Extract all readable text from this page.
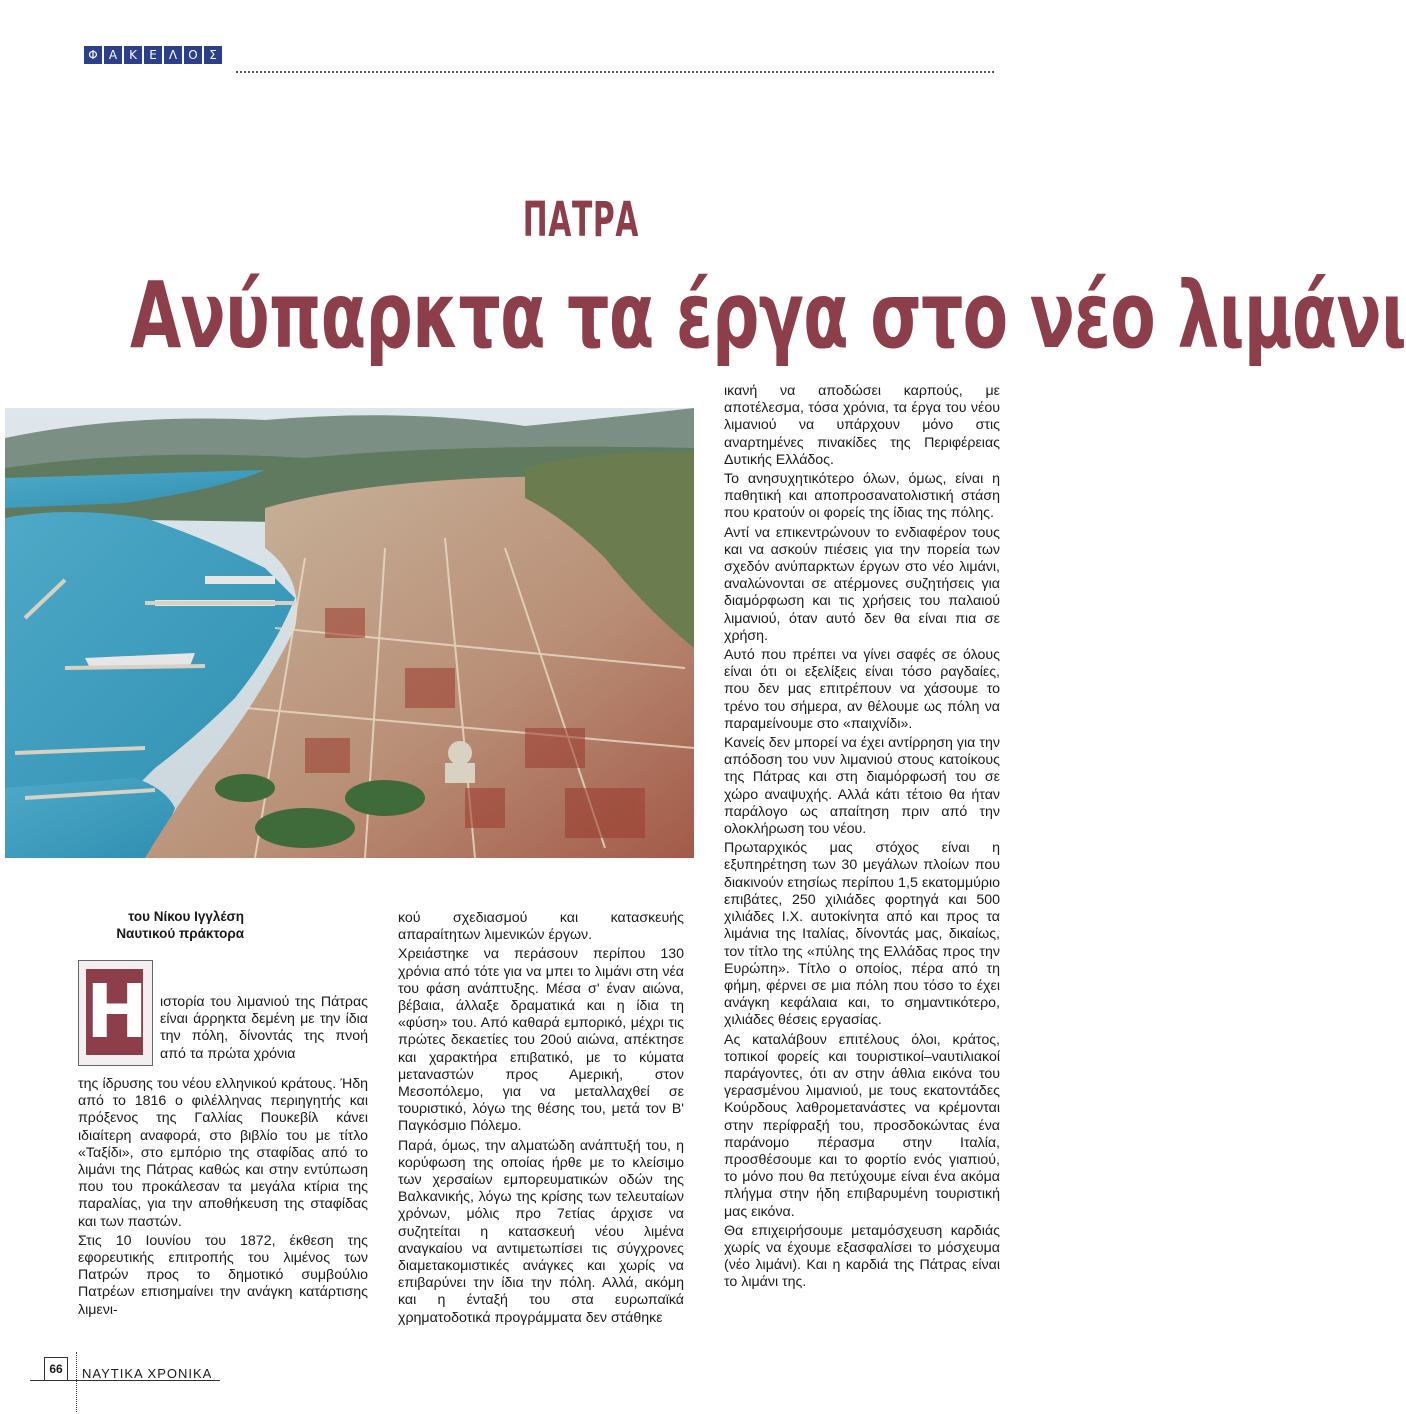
Φ Α Κ	Ε	Λ Ο Σ
ΠΑΤΡΑ
Ανύπαρκτα τα έργα στο νέο λιμάνι
του Νίκου Ιγγλέση
Ναυτικού πράκτορα
Η ιστορία του λιμανιού της Πάτρας είναι άρρηκτα δεμένη με την ίδια την πόλη, δίνοντάς της πνοή από τα πρώτα χρόνια

της ίδρυσης του νέου ελληνικού κράτους. Ήδη από το 1816 ο φιλέλληνας περιηγητής και πρόξενος της Γαλλίας Πουκεβίλ κάνει ιδιαίτερη αναφορά, στο βιβλίο του με τίτλο «Ταξίδι», στο εμπόριο της σταφίδας από το λιμάνι της Πάτρας καθώς και στην εντύπωση που του προκάλεσαν τα μεγάλα κτίρια της παραλίας, για την αποθήκευση της σταφίδας και των παστών.

Στις 10 Ιουνίου του 1872, έκθεση της εφορευτικής επιτροπής του λιμένος των Πατρών προς το δημοτικό συμβούλιο Πατρέων επισημαίνει την ανάγκη κατάρτισης λιμενι-

κού σχεδιασμού και κατασκευής απαραίτητων λιμενικών έργων.

Χρειάστηκε να περάσουν περίπου 130 χρόνια από τότε για να μπει το λιμάνι στη νέα του φάση ανάπτυξης. Μέσα σ' έναν αιώνα, βέβαια, άλλαξε δραματικά και η ίδια τη «φύση» του. Από καθαρά εμπορικό, μέχρι τις πρώτες δεκαετίες του 20ού αιώνα, απέκτησε και χαρακτήρα επιβατικό, με το κύματα μεταναστών προς Αμερική, στον Μεσοπόλεμο, για να μεταλλαχθεί σε τουριστικό, λόγω της θέσης του, μετά τον Β' Παγκόσμιο Πόλεμο.

Παρά, όμως, την αλματώδη ανάπτυξή του, η κορύφωση της οποίας ήρθε με το κλείσιμο των χερσαίων εμπορευματικών οδών της Βαλκανικής, λόγω της κρίσης των τελευταίων χρόνων, μόλις προ 7ετίας άρχισε να συζητείται η κατασκευή νέου λιμένα αναγκαίου να αντιμετωπίσει τις σύγχρονες διαμετακομιστικές ανάγκες και χωρίς να επιβαρύνει την ίδια την πόλη. Αλλά, ακόμη και η ένταξή του στα ευρωπαϊκά χρηματοδοτικά προγράμματα δεν στάθηκε

ικανή να αποδώσει καρπούς, με αποτέλεσμα, τόσα χρόνια, τα έργα του νέου λιμανιού να υπάρχουν μόνο στις αναρτημένες πινακίδες της Περιφέρειας Δυτικής Ελλάδος.

Το ανησυχητικότερο όλων, όμως, είναι η παθητική και αποπροσανατολιστική στάση που κρατούν οι φορείς της ίδιας της πόλης.

Αντί να επικεντρώνουν το ενδιαφέρον τους και να ασκούν πιέσεις για την πορεία των σχεδόν ανύπαρκτων έργων στο νέο λιμάνι, αναλώνονται σε ατέρμονες συζητήσεις για διαμόρφωση και τις χρήσεις του παλαιού λιμανιού, όταν αυτό δεν θα είναι πια σε χρήση.

Αυτό που πρέπει να γίνει σαφές σε όλους είναι ότι οι εξελίξεις είναι τόσο ραγδαίες, που δεν μας επιτρέπουν να χάσουμε το τρένο του σήμερα, αν θέλουμε ως πόλη να παραμείνουμε στο «παιχνίδι».

Κανείς δεν μπορεί να έχει αντίρρηση για την απόδοση του νυν λιμανιού στους κατοίκους της Πάτρας και στη διαμόρφωσή του σε χώρο αναψυχής. Αλλά κάτι τέτοιο θα ήταν παράλογο ως απαίτηση πριν από την ολοκλήρωση του νέου.

Πρωταρχικός μας στόχος είναι η εξυπηρέτηση των 30 μεγάλων πλοίων που διακινούν ετησίως περίπου 1,5 εκατομμύριο επιβάτες, 250 χιλιάδες φορτηγά και 500 χιλιάδες Ι.Χ. αυτοκίνητα από και προς τα λιμάνια της Ιταλίας, δίνοντάς μας, δικαίως, τον τίτλο της «πύλης της Ελλάδας προς την Ευρώπη». Τίτλο ο οποίος, πέρα από τη φήμη, φέρνει σε μια πόλη που τόσο το έχει ανάγκη κεφάλαια και, το σημαντικότερο, χιλιάδες θέσεις εργασίας.

Ας καταλάβουν επιτέλους όλοι, κράτος, τοπικοί φορείς και τουριστικοί–ναυτιλιακοί παράγοντες, ότι αν στην άθλια εικόνα του γερασμένου λιμανιού, με τους εκατοντάδες Κούρδους λαθρομετανάστες να κρέμονται στην περίφραξή του, προσδοκώντας ένα παράνομο πέρασμα στην Ιταλία, προσθέσουμε και το φορτίο ενός γιαπιού, το μόνο που θα πετύχουμε είναι ένα ακόμα πλήγμα στην ήδη επιβαρυμένη τουριστική μας εικόνα.

Θα επιχειρήσουμε μεταμόσχευση καρδιάς χωρίς να έχουμε εξασφαλίσει το μόσχευμα (νέο λιμάνι). Και η καρδιά της Πάτρας είναι το λιμάνι της.

66	ΝΑΥΤΙΚΑ ΧΡΟΝΙΚΑ
